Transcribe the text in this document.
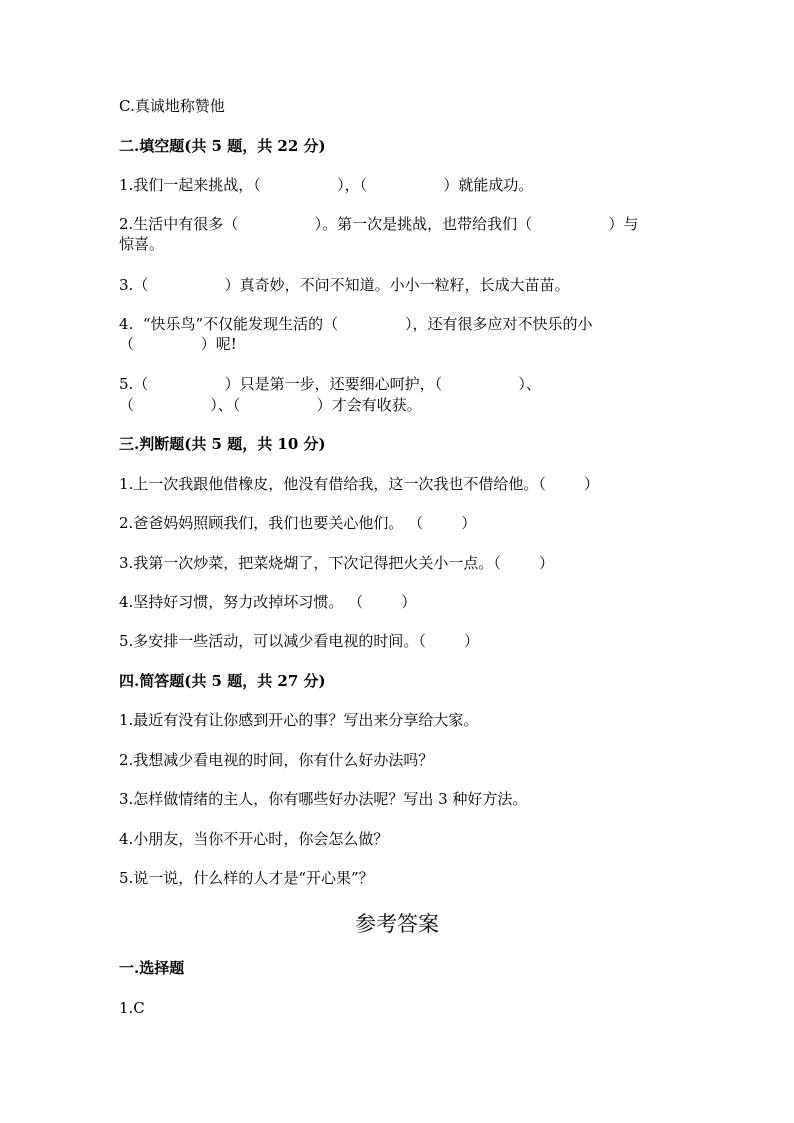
C.真诚地称赞他
二.填空题(共 5 题，共 22 分)
1.我们一起来挑战，（                ），（                ）就能成功。
2.生活中有很多（                ）。第一次是挑战，也带给我们（                ）与
惊喜。
3.（                ）真奇妙，不问不知道。小小一粒籽，长成大苗苗。
4.  “快乐鸟”不仅能发现生活的（              ），还有很多应对不快乐的小
（              ）呢!
5.（                ）只是第一步，还要细心呵护，（                ）、
（                ）、（                ）才会有收获。
三.判断题(共 5 题，共 10 分)
1.上一次我跟他借橡皮，他没有借给我，这一次我也不借给他。（        ）
2.爸爸妈妈照顾我们，我们也要关心他们。 （        ）
3.我第一次炒菜，把菜烧煳了，下次记得把火关小一点。（        ）
4.坚持好习惯，努力改掉坏习惯。 （        ）
5.多安排一些活动，可以减少看电视的时间。（        ）
四.简答题(共 5 题，共 27 分)
1.最近有没有让你感到开心的事？写出来分享给大家。
2.我想减少看电视的时间，你有什么好办法吗？
3.怎样做情绪的主人，你有哪些好办法呢？写出 3 种好方法。
4.小朋友，当你不开心时，你会怎么做？
5.说一说，什么样的人才是“开心果”？
参考答案
一.选择题
1.C
